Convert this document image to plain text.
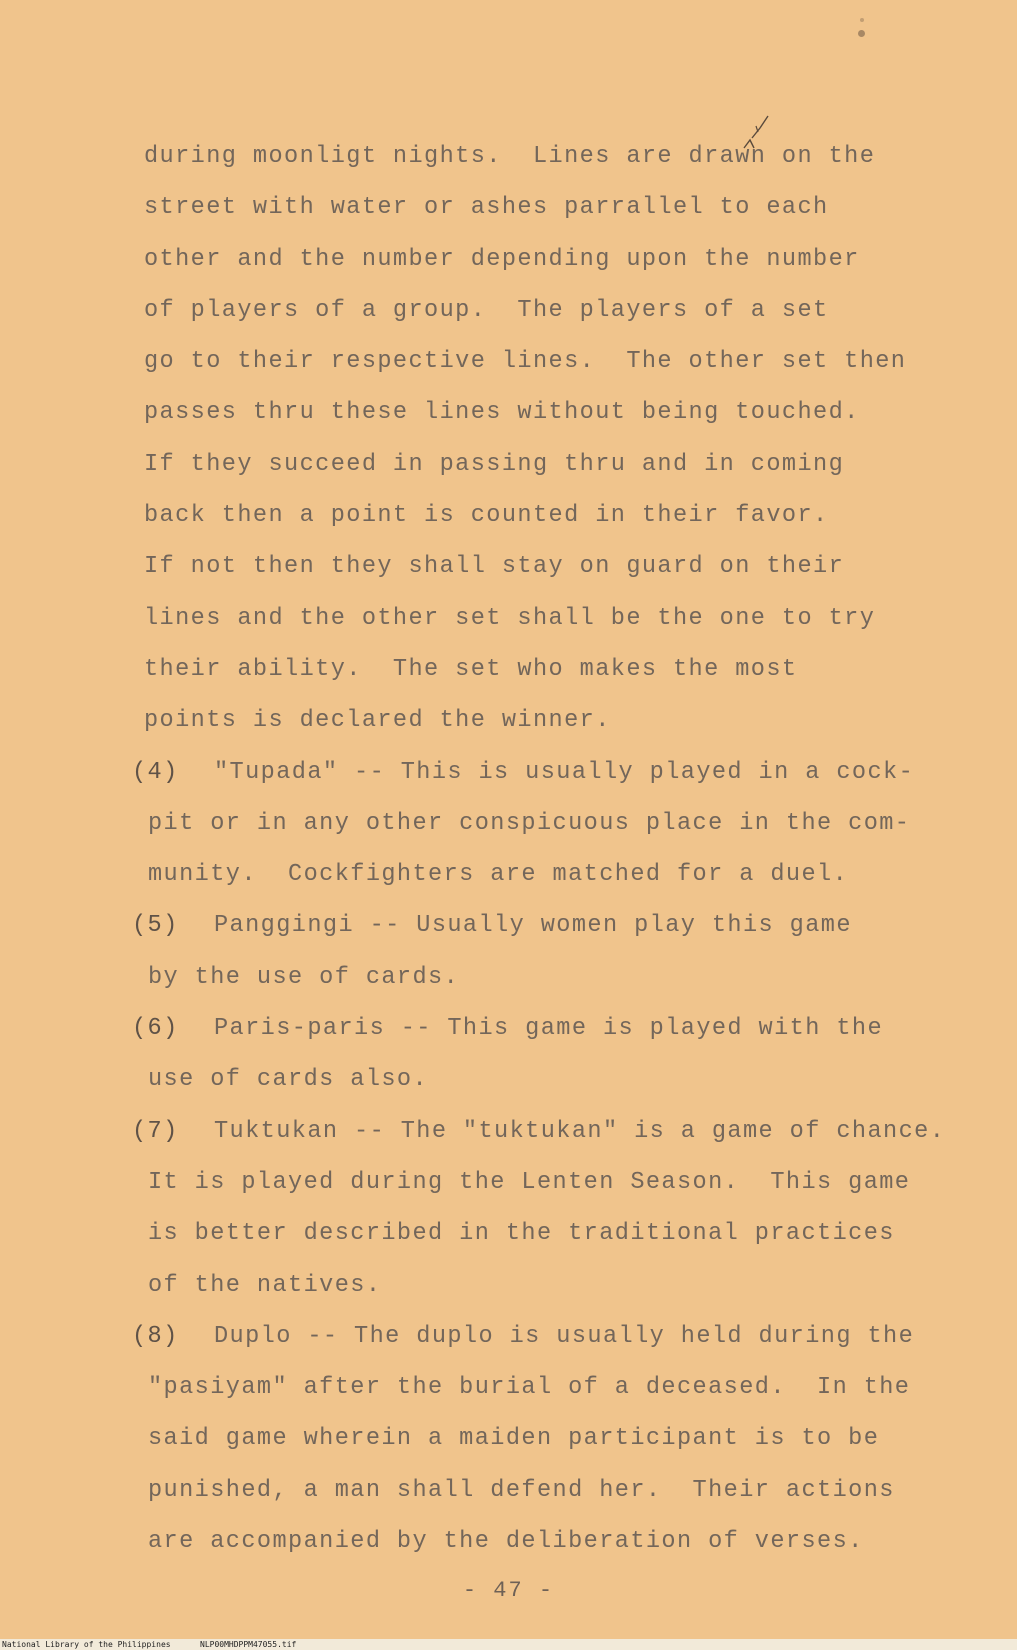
during moonligt nights.  Lines are drawn on the
street with water or ashes parrallel to each
other and the number depending upon the number
of players of a group.  The players of a set
go to their respective lines.  The other set then
passes thru these lines without being touched.
If they succeed in passing thru and in coming
back then a point is counted in their favor.
If not then they shall stay on guard on their
lines and the other set shall be the one to try
their ability.  The set who makes the most
points is declared the winner.
(4) "Tupada" -- This is usually played in a cock-
pit or in any other conspicuous place in the com-
munity.  Cockfighters are matched for a duel.
(5) Panggingi -- Usually women play this game
by the use of cards.
(6) Paris-paris -- This game is played with the
use of cards also.
(7) Tuktukan -- The "tuktukan" is a game of chance.
It is played during the Lenten Season.  This game
is better described in the traditional practices
of the natives.
(8) Duplo -- The duplo is usually held during the
"pasiyam" after the burial of a deceased.  In the
said game wherein a maiden participant is to be
punished, a man shall defend her.  Their actions
are accompanied by the deliberation of verses.
- 47 -

National Library of the Philippines

	NLP00MHDPPM47055.tif
